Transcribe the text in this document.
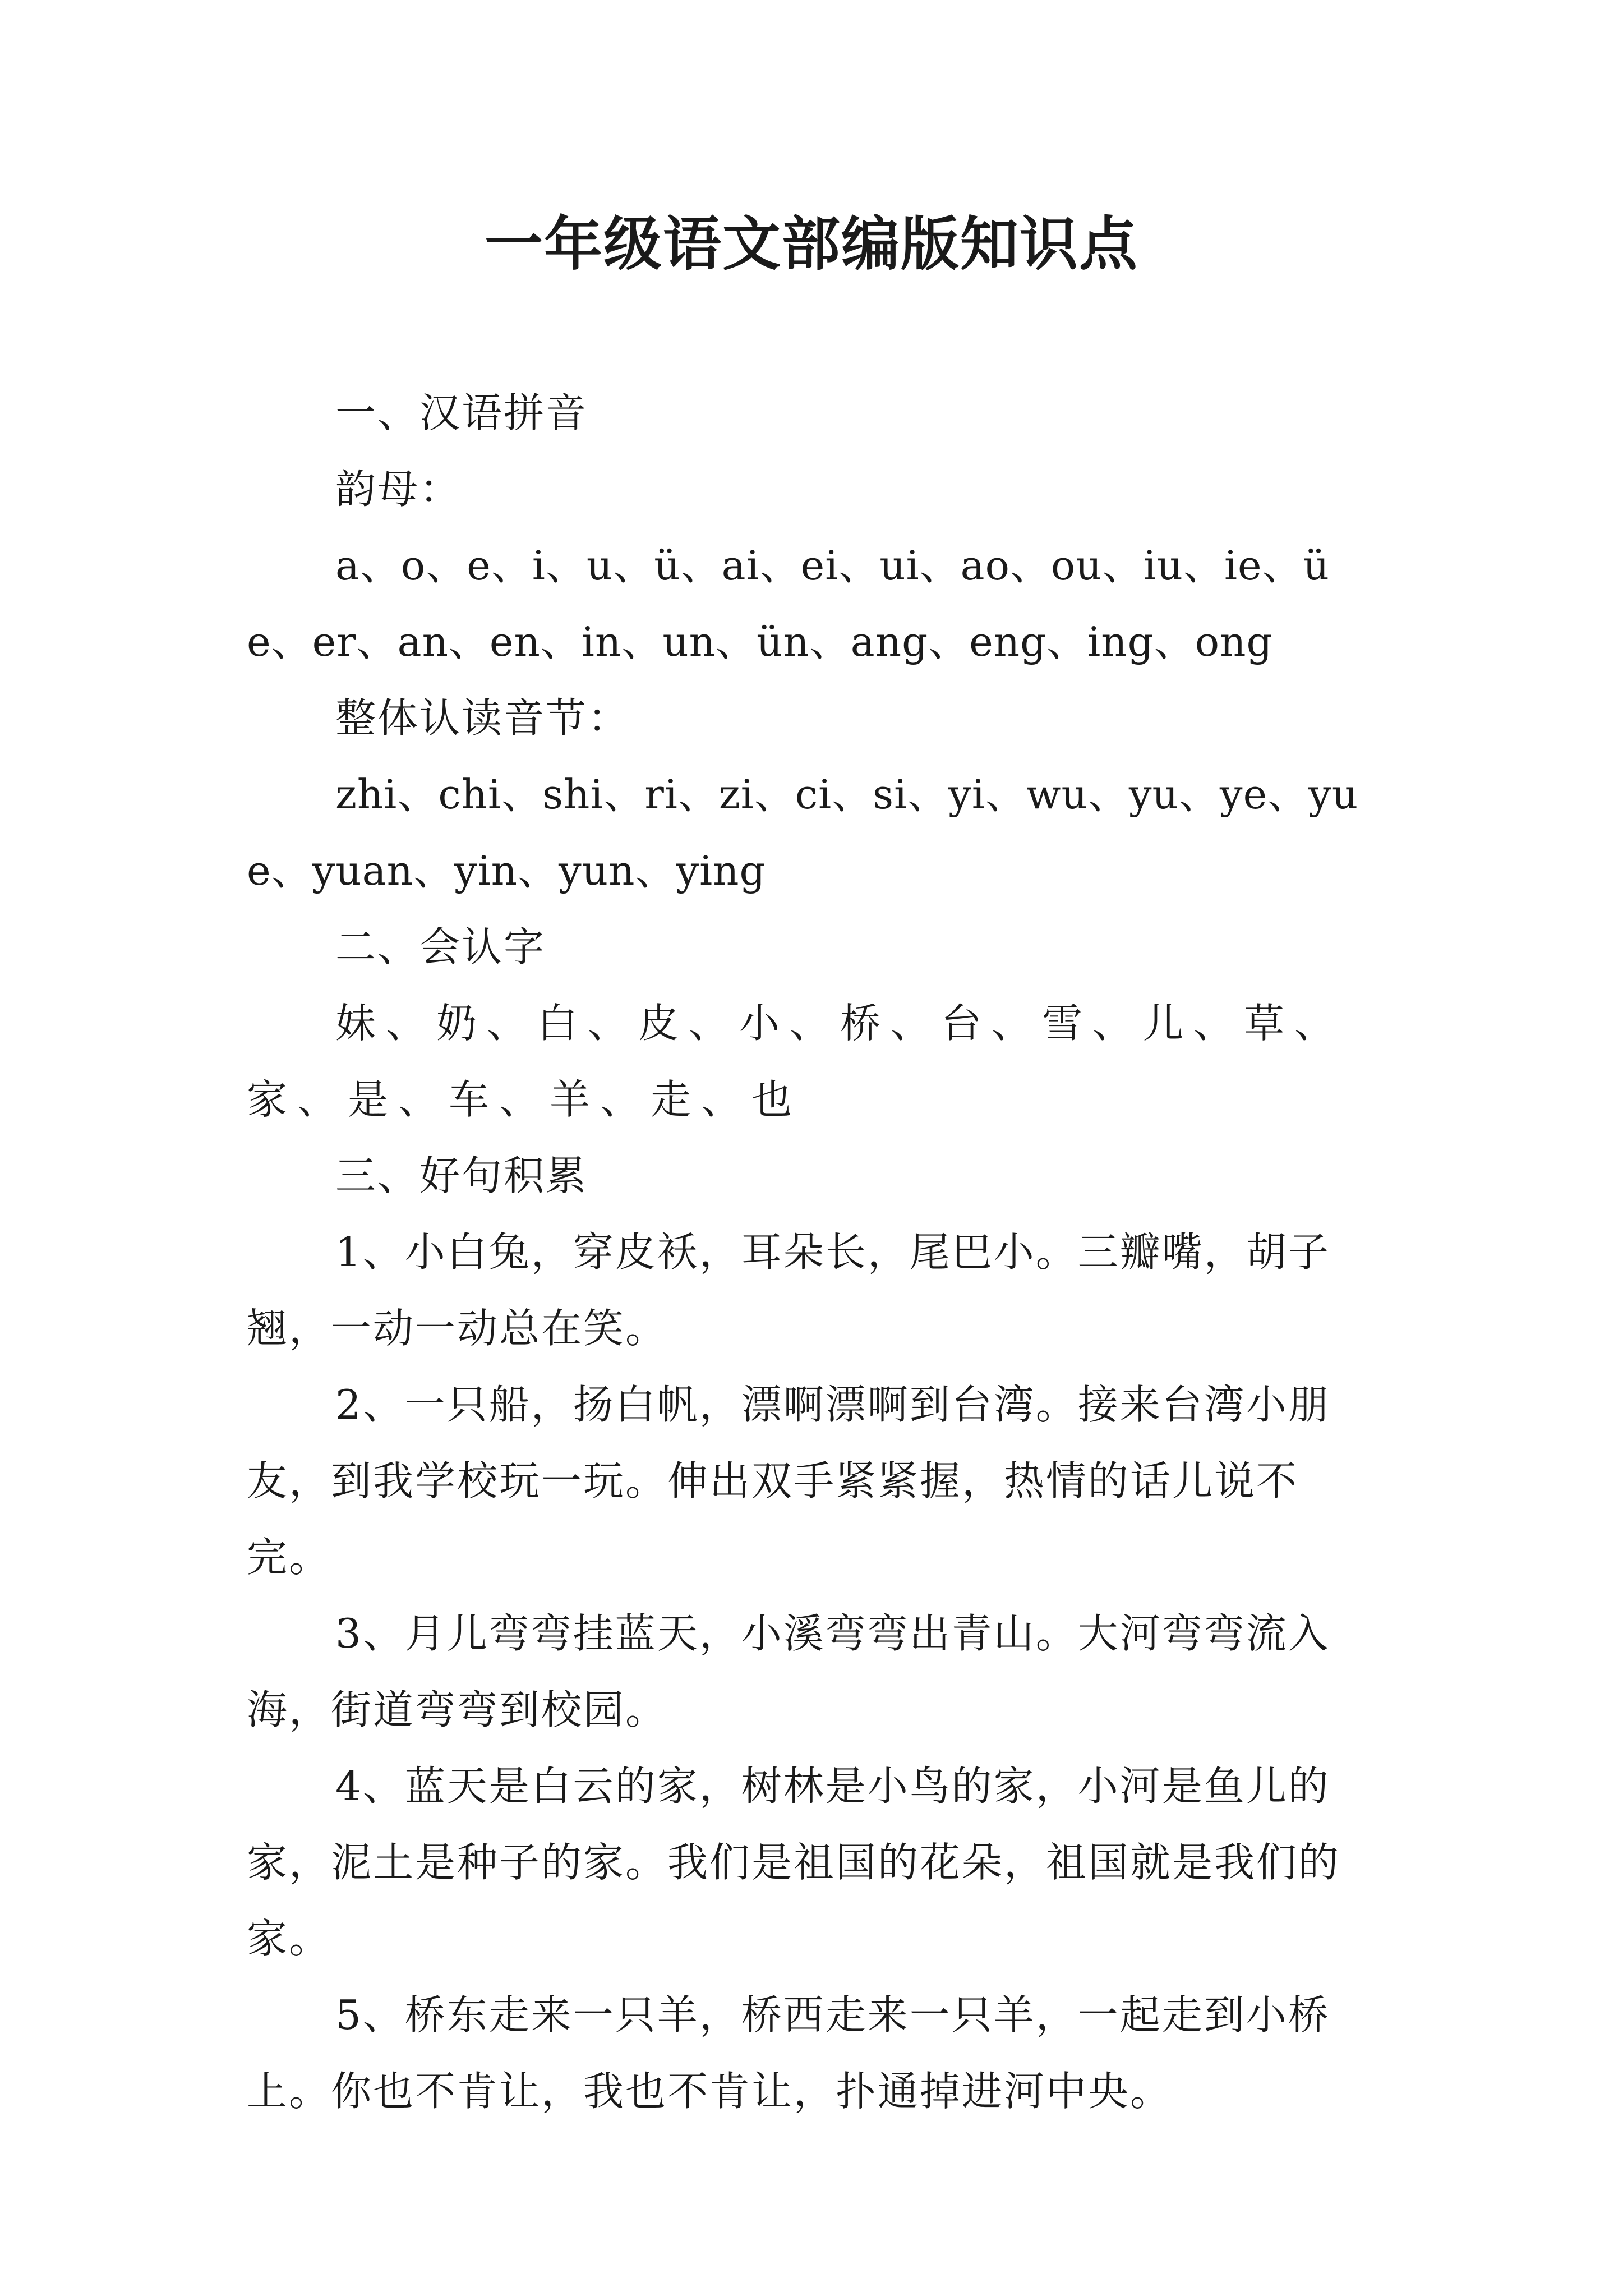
一年级语文部编版知识点

一、汉语拼音

韵母：

a、o、e、i、u、ü、ai、ei、ui、ao、ou、iu、ie、üe、er、an、en、in、un、ün、ang、eng、ing、ong

整体认读音节：

zhi、chi、shi、ri、zi、ci、si、yi、wu、yu、ye、yue、yuan、yin、yun、ying

二、会认字

妹、奶、白、皮、小、桥、台、雪、儿、草、家、是、车、羊、走、也

三、好句积累

1、小白兔，穿皮袄，耳朵长，尾巴小。三瓣嘴，胡子翘，一动一动总在笑。

2、一只船，扬白帆，漂啊漂啊到台湾。接来台湾小朋友，到我学校玩一玩。伸出双手紧紧握，热情的话儿说不完。

3、月儿弯弯挂蓝天，小溪弯弯出青山。大河弯弯流入海，街道弯弯到校园。

4、蓝天是白云的家，树林是小鸟的家，小河是鱼儿的家，泥土是种子的家。我们是祖国的花朵，祖国就是我们的家。

5、桥东走来一只羊，桥西走来一只羊，一起走到小桥上。你也不肯让，我也不肯让，扑通掉进河中央。
